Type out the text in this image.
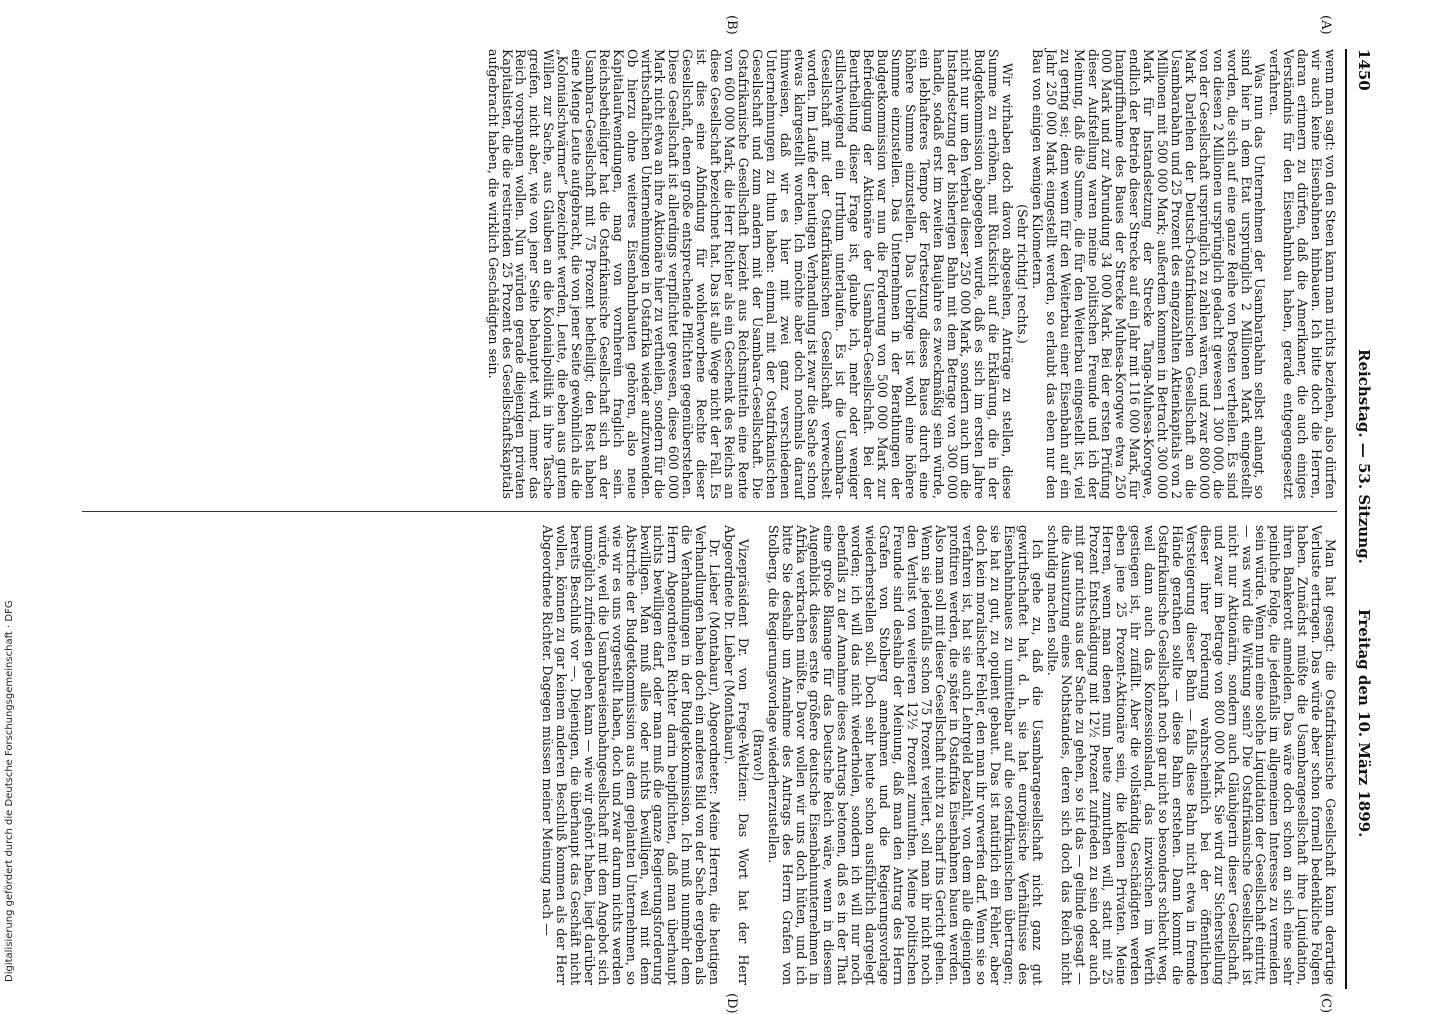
1450
Reichstag. — 53. Sitzung.
Freitag den 10. März 1899.
(A)
(B)
(C)
(D)

wenn man sagt: von den Steen kann man nichts beziehen, also dürfen wir auch keine Eisenbahnen hinbauen. Ich bitte doch die Herren, daran erinnern zu dürfen, daß die Amerikaner, die auch einiges Verständnis für den Eisenbahnbau haben, gerade entgegengesetzt verfahren.

Was nun das Unternehmen der Usambarabahn selbst anlangt, so sind hier in dem Etat ursprünglich 2 Millionen Mark eingestellt worden, die sich auf eine ganze Reihe von Posten vertheilen. Es sind von diesen 2 Millionen ursprünglich gedacht gewesen 1 300 000, die von der Gesellschaft ursprünglich zu zahlen wären, und zwar 800 000 Mark Darlehen der Deutsch-Ostafrikanischen Gesellschaft an die Usambarabahn und 25 Prozent des eingezahlten Aktienkapitals von 2 Millionen mit 500 000 Mark; außerdem kommen in Betracht 300 000 Mark für Instandsetzung der Strecke Tanga-Muhesa-Korogwe, endlich der Betrieb dieser Strecke auf ein Jahr mit 116 000 Mark, für Inangriffnahme des Baues der Strecke Muhesa-Korogwe etwa 250 000 Mark und zur Abrundung 34 000 Mark. Bei der ersten Prüfung dieser Aufstellung waren meine politischen Freunde und ich der Meinung, daß die Summe, die für den Weiterbau eingestellt ist, viel zu gering sei; denn wenn für den Weiterbau einer Eisenbahn auf ein Jahr 250 000 Mark eingestellt werden, so erlaubt das eben nur den Bau von einigen wenigen Kilometern.

(Sehr richtig! rechts.)

Wir wirhaben doch davon abgesehen, Anträge zu stellen, diese Summe zu erhöhen, mit Rücksicht auf die Erklärung, die in der Budgetkommission abgegeben wurde, daß es sich im ersten Jahre nicht nur um den Verbau dieser 250 000 Mark, sondern auch um die Instandsetzung der bisherigen Bahn mit dem Betrage von 300 000 handle, sodaß erst im zweiten Baujahre es zweckmäßig sein würde, ein lebhafteres Tempo der Fortsetzung dieses Baues durch eine höhere Summe einzustellen. Das Uebrige ist wohl eine höhere Summe einzustellen. Das Unternehmen in der Berathungen der Budgetkommission war nun die Forderung von 500 000 Mark zur Befriedigung der Aktionäre der Usambara-Gesellschaft. Bei der Beurtheilung dieser Frage ist, glaube ich, mehr oder weniger stillschweigend ein Irrthum unterlaufen. Es ist die Usambara-Gesellschaft mit der Ostafrikanischen Gesellschaft verwechselt worden. Im Laufe der heutigen Verhandlung ist zwar die Sache schon etwas klargestellt worden. Ich möchte aber doch nochmals darauf hinweisen, daß wir es hier mit zwei ganz verschiedenen Unternehmungen zu thun haben: einmal mit der Ostafrikanischen Gesellschaft und zum andern mit der Usambara-Gesellschaft. Die Ostafrikanische Gesellschaft bezieht aus Reichsmitteln eine Rente von 600 000 Mark, die Herr Richter als ein Geschenk des Reichs an diese Gesellschaft bezeichnet hat. Das ist alle Wege nicht der Fall. Es ist dies eine Abfindung für wohlerworbene Rechte dieser Gesellschaft, denen große entsprechende Pflichten gegenüberstehen. Diese Gesellschaft ist allerdings verpflichtet gewesen, diese 600 000 Mark nicht etwa an ihre Aktionäre hier zu vertheilen, sondern für die wirthschaftlichen Unternehmungen in Ostafrika wieder aufzuwenden. Ob hierzu ohne weiteres Eisenbahnbauten gehören, also neue Kapitalaufwendungen, mag von vornherein fraglich sein. Reichsbetheiligter hat die Ostafrikanische Gesellschaft sich an der Usambara-Gesellschaft mit 75 Prozent betheiligt; den Rest haben eine Menge Leute aufgebracht, die von jener Seite gewöhnlich als die „Kolonialschwärmer“ bezeichnet werden, Leute, die eben aus gutem Willen zur Sache, aus Glauben an die Kolonialpolitik in ihre Tasche greifen, nicht aber, wie von jener Seite behauptet wird, immer das Reich vorspannen wollen. Nun würden gerade diejenigen privaten Kapitalisten, die die restirenden 25 Prozent des Gesellschaftskapitals aufgebracht haben, die wirklich Geschädigten sein.

Man hat gesagt: die Ostafrikanische Gesellschaft kann derartige Verluste ertragen. Das würde aber schon formell bedenkliche Folgen haben. Zunächst müßte die Usambaragesellschaft ihre Liquidation, ihren Bankerott anmelden. Das wäre doch schon an sich eine sehr peinliche Folge, die jedenfalls im allgemeinen Interesse zu vermeiden sein würde. Wenn nun eine solche Liquidation der Gesellschaft eintritt, — was wird die Wirkung sein? Die Ostafrikanische Gesellschaft ist nicht nur Aktionärin, sondern auch Gläubigerin dieser Gesellschaft, und zwar im Betrage von 800 000 Mark. Sie wird zur Sicherstellung dieser ihrer Forderung wahrscheinlich bei der öffentlichen Versteigerung dieser Bahn — falls diese Bahn nicht etwa in fremde Hände gerathen sollte — diese Bahn erstehen. Dann kommt die Ostafrikanische Gesellschaft noch gar nicht so besonders schlecht weg, weil dann auch das Konzessionsland, das inzwischen im Werth gestiegen ist, ihr zufällt. Aber die vollständig Geschädigten werden eben jene 25 Prozent-Aktionäre sein, die kleinen Privaten. Meine Herren, wenn man denen nun heute zumuthen will, statt mit 25 Prozent Entschädigung mit 12½ Prozent zufrieden zu sein oder auch mit gar nichts aus der Sache zu gehen, so ist das — gelinde gesagt — die Ausnutzung eines Nothstandes, deren sich doch das Reich nicht schuldig machen sollte.

Ich gehe zu, daß die Usambaragesellschaft nicht ganz gut gewirthschaftet hat, d. h. sie hat europäische Verhältnisse des Eisenbahnbaues zu unmittelbar auf die ostafrikanischen übertragen; sie hat zu gut, zu opulent gebaut. Das ist natürlich ein Fehler, aber doch kein moralischer Fehler, den man ihr vorwerfen darf. Wenn sie so verfahren ist, hat sie auch Lehrgeld bezahlt, von dem alle diejenigen profitiren werden, die später in Ostafrika Eisenbahnen bauen werden. Also man soll mit dieser Gesellschaft nicht zu scharf ins Gericht gehen. Wenn sie jedenfalls schon 75 Prozent verliert, soll man ihr nicht noch den Verlust von weiteren 12½ Prozent zumuthen. Meine politischen Freunde sind deshalb der Meinung, daß man den Antrag des Herrn Grafen von Stolberg annehmen und die Regierungsvorlage wiederherstellen soll. Doch sehr heute schon ausführlich dargelegt worden; ich will das nicht wiederholen, sondern ich will nur noch ebenfalls zu der Annahme dieses Antrags betonen, daß es in der That eine große Blamage für das Deutsche Reich wäre, wenn in diesem Augenblick dieses erste größere deutsche Eisenbahnunternehmen in Afrika verkrachen müßte. Davor wollen wir uns doch hüten, und ich bitte Sie deshalb um Annahme des Antrags des Herrn Grafen von Stolberg, die Regierungsvorlage wiederherzustellen.

(Bravo!)

Vizepräsident Dr. von Frege-Weltzien: Das Wort hat der Herr Abgeordnete Dr. Lieber (Montabaur).

Dr. Lieber (Montabaur), Abgeordneter: Meine Herren, die heutigen Verhandlungen haben doch ein anderes Bild von der Sache ergeben als die Verhandlungen in der Budgetkommission. Ich muß nunmehr dem Herrn Abgeordneten Richter darin beipflichten, daß man überhaupt nichts bewilligen darf, oder man muß die ganze Regierungsforderung bewilligen. Man muß alles oder nichts bewilligen, weil mit dem Abstriche der Budgetkommission aus dem geplanten Unternehmen, so wie wir es uns vorgestellt haben, doch und zwar darum nichts werden würde, weil die Usambaraeisenbahngesellschaft mit dem Angebot sich unmöglich zufrieden geben kann — wie wir gehört haben, liegt darüber bereits Beschluß vor —. Diejenigen, die überhaupt das Geschäft nicht wollen, können zu gar keinem anderen Beschluß kommen als der Herr Abgeordnete Richter. Dagegen müssen meiner Meinung nach —

Digitalisierung gefördert durch die Deutsche Forschungsgemeinschaft · DFG
